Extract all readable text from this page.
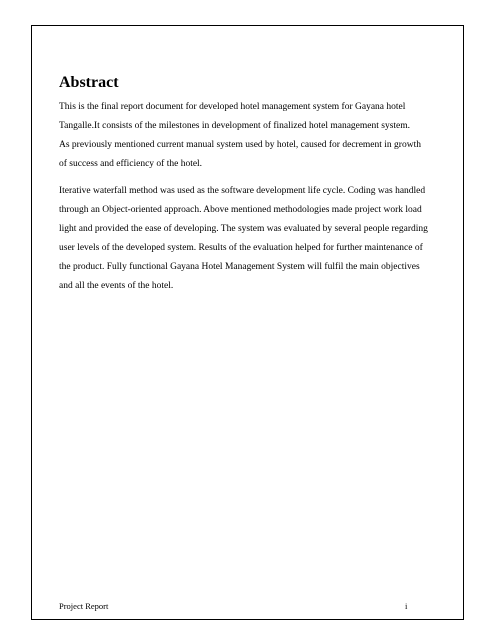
Abstract
This is the final report document for developed hotel management system for Gayana hotel
Tangalle.It consists of the milestones in development of finalized hotel management system.
As previously mentioned current manual system used by hotel, caused for decrement in growth
of success and efficiency of the hotel.
Iterative waterfall method was used as the software development life cycle. Coding was handled
through an Object-oriented approach. Above mentioned methodologies made project work load
light and provided the ease of developing. The system was evaluated by several people regarding
user levels of the developed system. Results of the evaluation helped for further maintenance of
the product. Fully functional Gayana Hotel Management System will fulfil the main objectives
and all the events of the hotel.
Project Report	i
